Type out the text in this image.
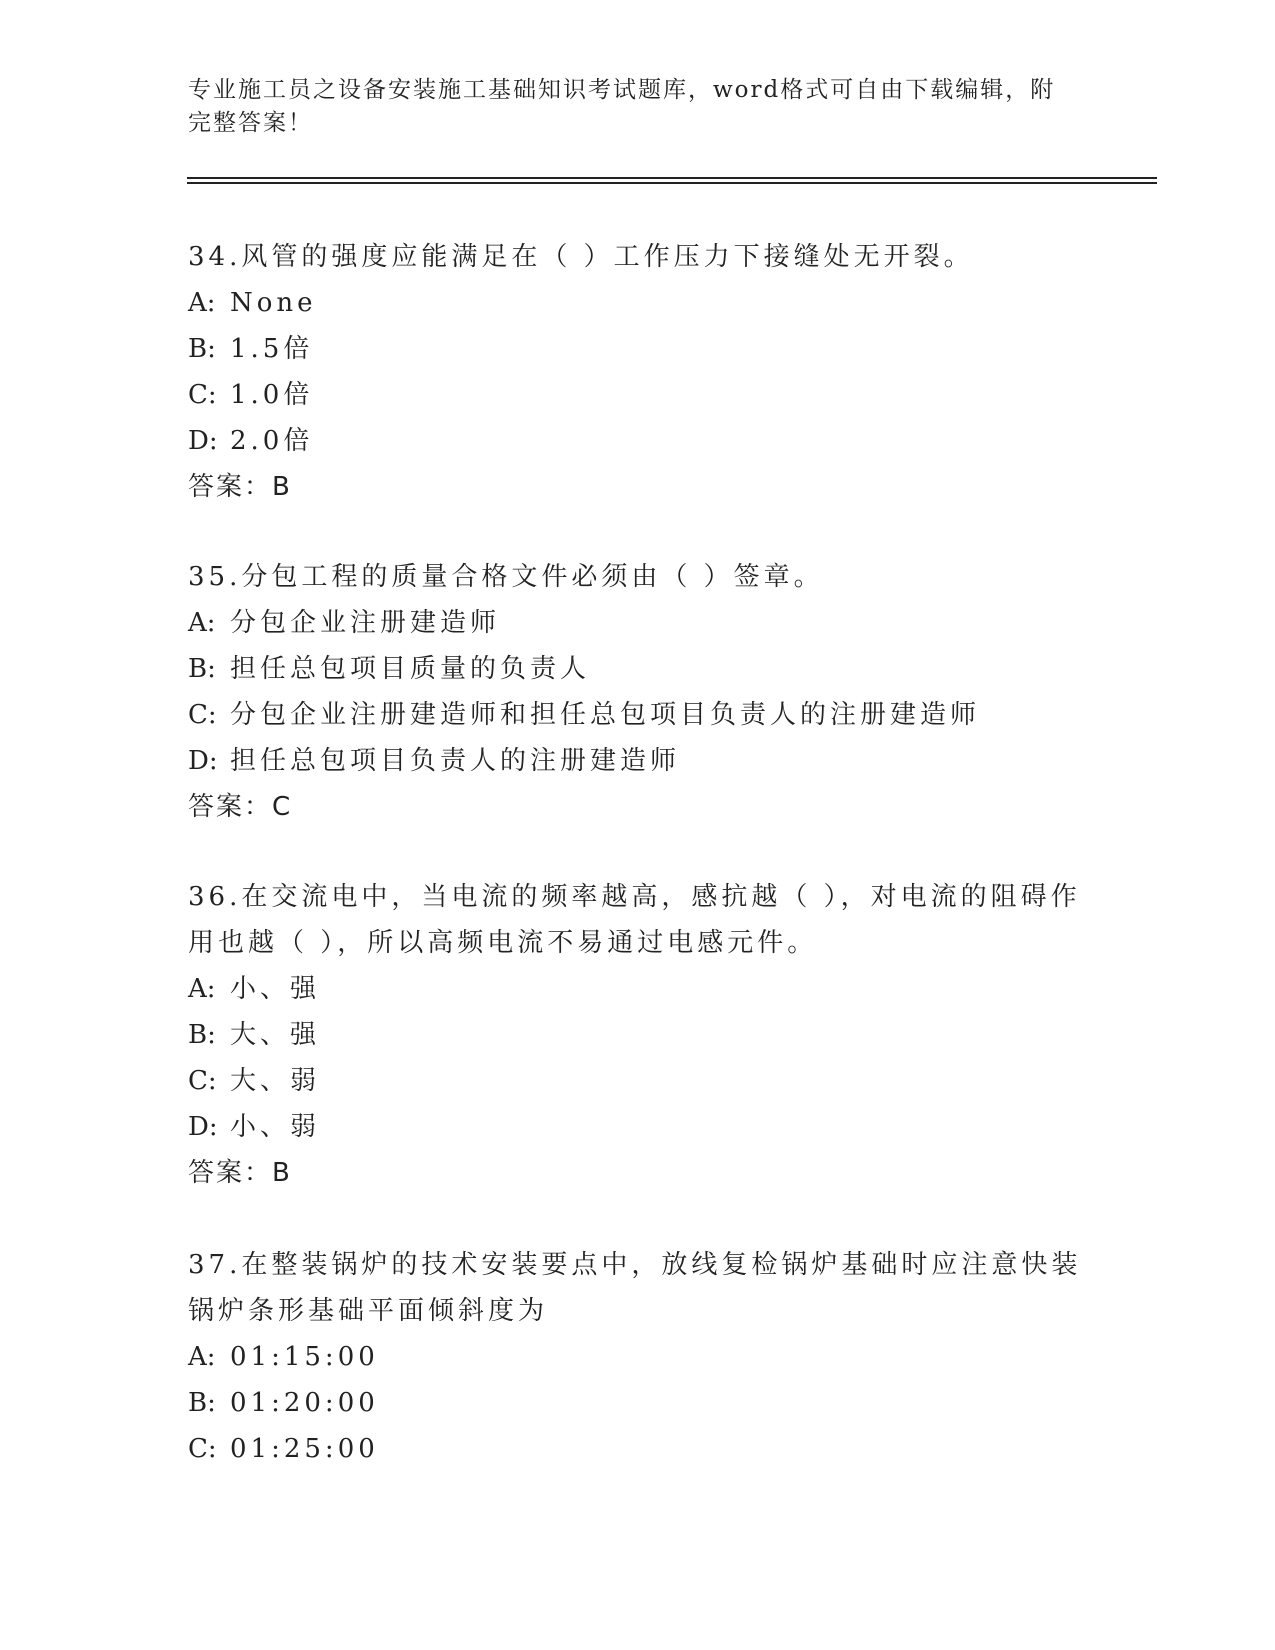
专业施工员之设备安装施工基础知识考试题库，word格式可自由下载编辑，附完整答案！

34.风管的强度应能满足在（ ）工作压力下接缝处无开裂。

A: None

B: 1.5倍

C: 1.0倍

D: 2.0倍

答案：B

35.分包工程的质量合格文件必须由（ ）签章。

A: 分包企业注册建造师

B: 担任总包项目质量的负责人

C: 分包企业注册建造师和担任总包项目负责人的注册建造师

D: 担任总包项目负责人的注册建造师

答案：C

36.在交流电中，当电流的频率越高，感抗越（ ），对电流的阻碍作用也越（ ），所以高频电流不易通过电感元件。

A: 小、强

B: 大、强

C: 大、弱

D: 小、弱

答案：B

37.在整装锅炉的技术安装要点中，放线复检锅炉基础时应注意快装锅炉条形基础平面倾斜度为

A: 01:15:00

B: 01:20:00

C: 01:25:00
